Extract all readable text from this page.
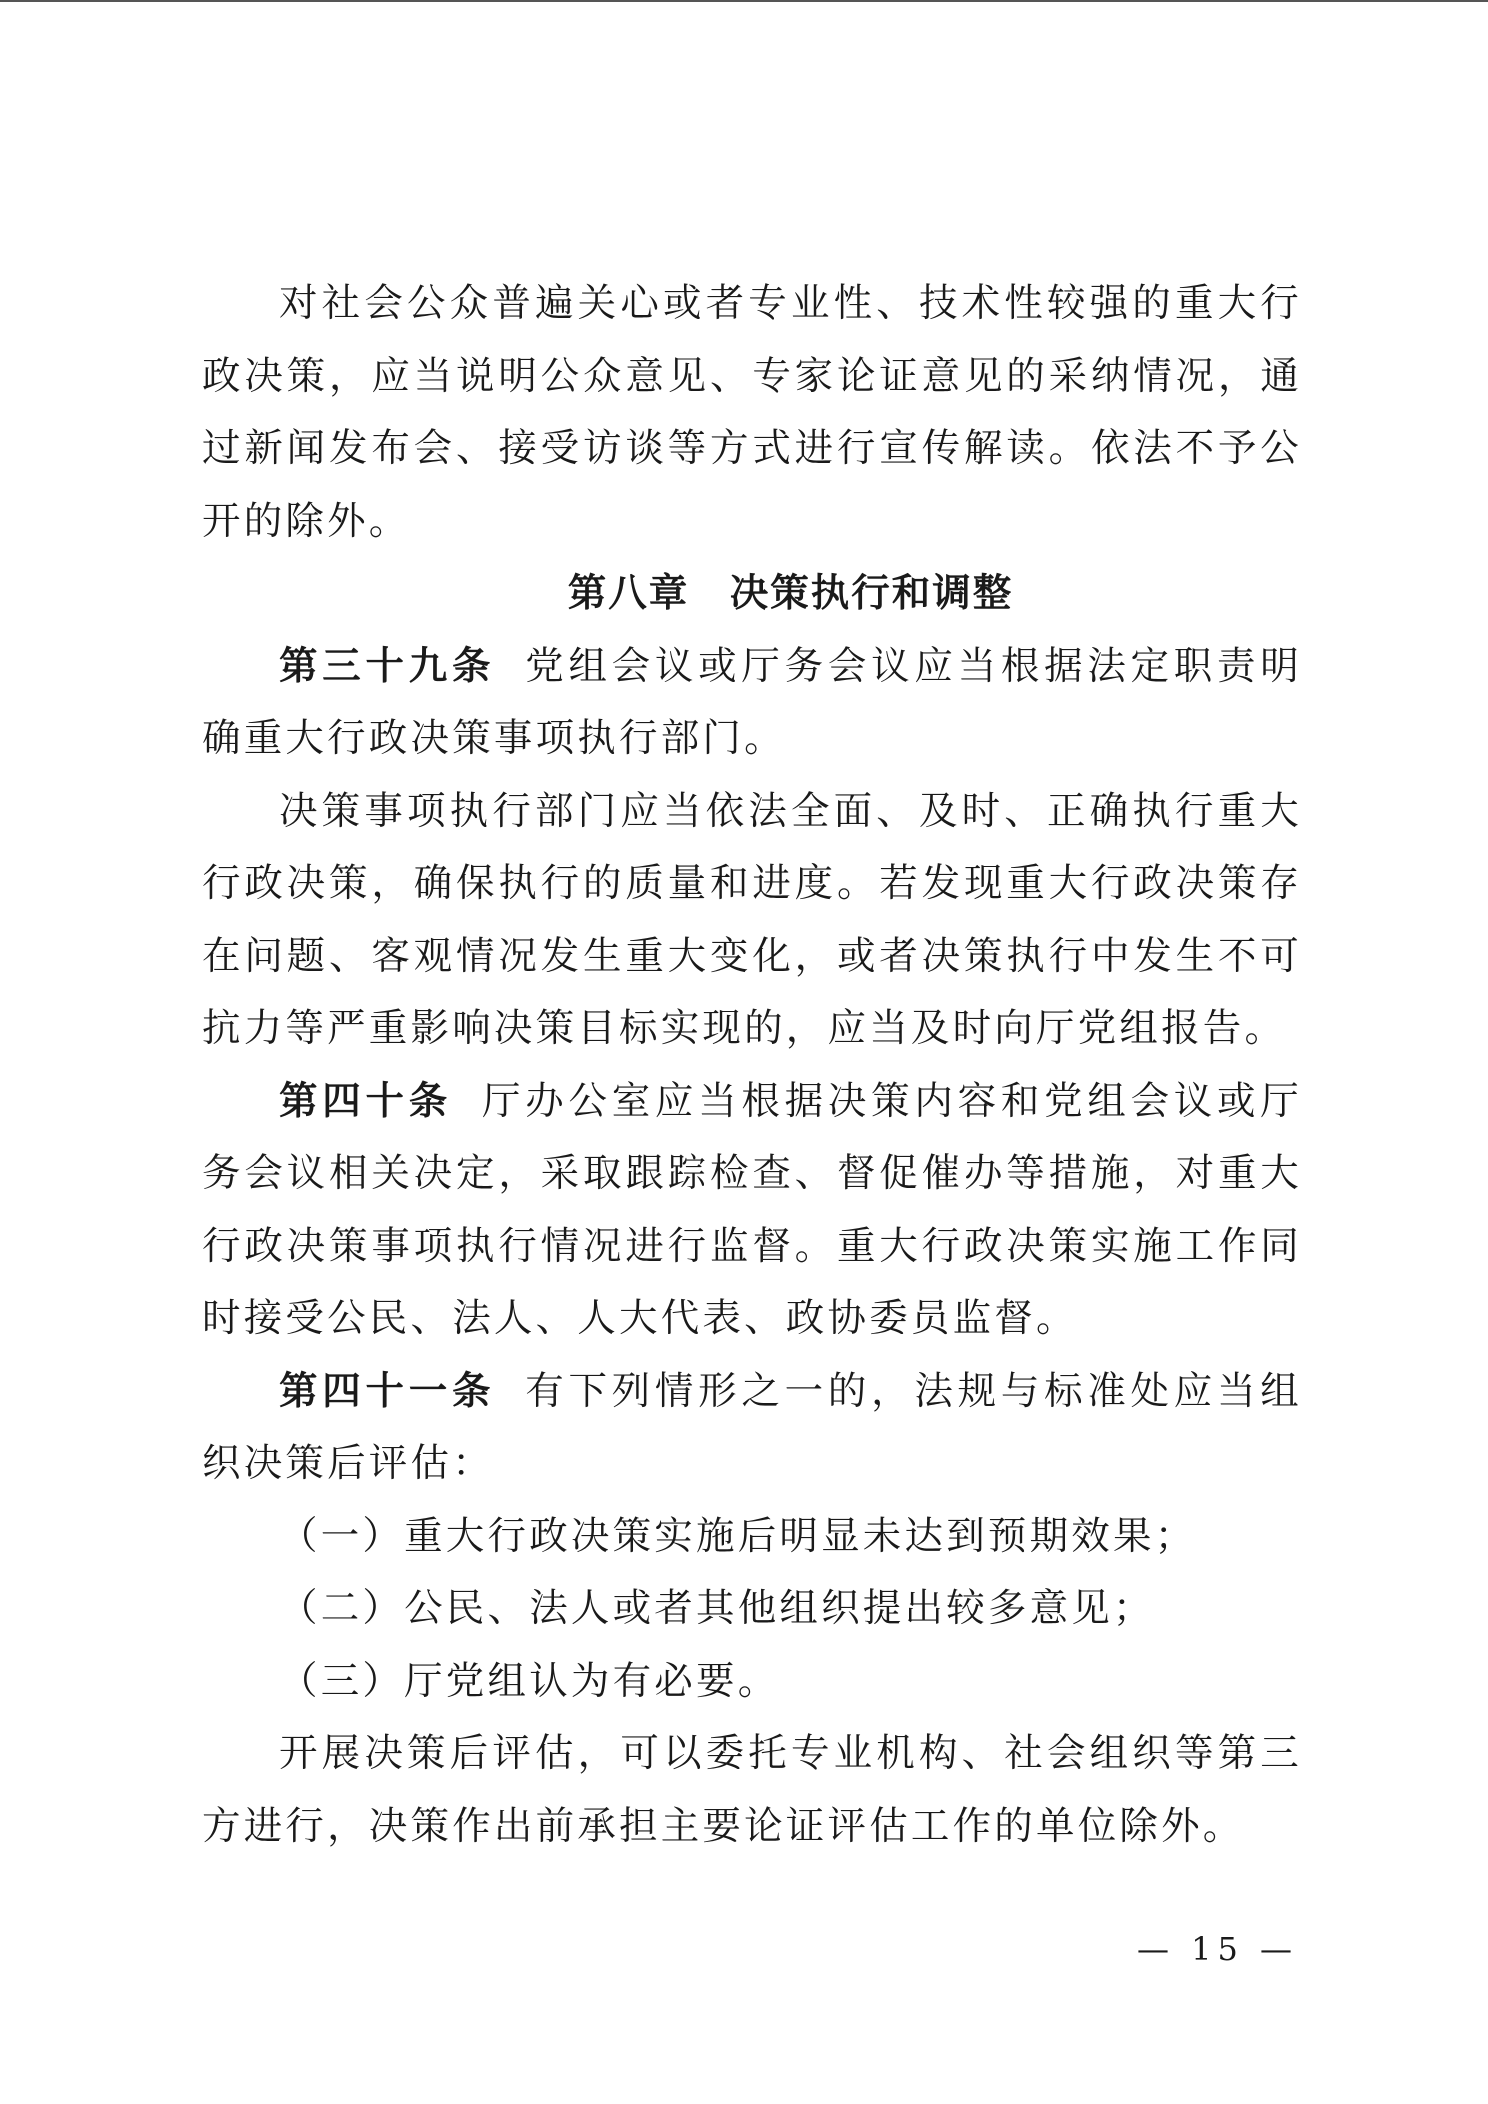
对社会公众普遍关心或者专业性、技术性较强的重大行政决策，应当说明公众意见、专家论证意见的采纳情况，通过新闻发布会、接受访谈等方式进行宣传解读。依法不予公开的除外。

第八章　决策执行和调整

第三十九条 党组会议或厅务会议应当根据法定职责明确重大行政决策事项执行部门。

决策事项执行部门应当依法全面、及时、正确执行重大行政决策，确保执行的质量和进度。若发现重大行政决策存在问题、客观情况发生重大变化，或者决策执行中发生不可抗力等严重影响决策目标实现的，应当及时向厅党组报告。

第四十条 厅办公室应当根据决策内容和党组会议或厅务会议相关决定，采取跟踪检查、督促催办等措施，对重大行政决策事项执行情况进行监督。重大行政决策实施工作同时接受公民、法人、人大代表、政协委员监督。

第四十一条 有下列情形之一的，法规与标准处应当组织决策后评估：

（一）重大行政决策实施后明显未达到预期效果；

（二）公民、法人或者其他组织提出较多意见；

（三）厅党组认为有必要。

开展决策后评估，可以委托专业机构、社会组织等第三方进行，决策作出前承担主要论证评估工作的单位除外。

— 15 —
